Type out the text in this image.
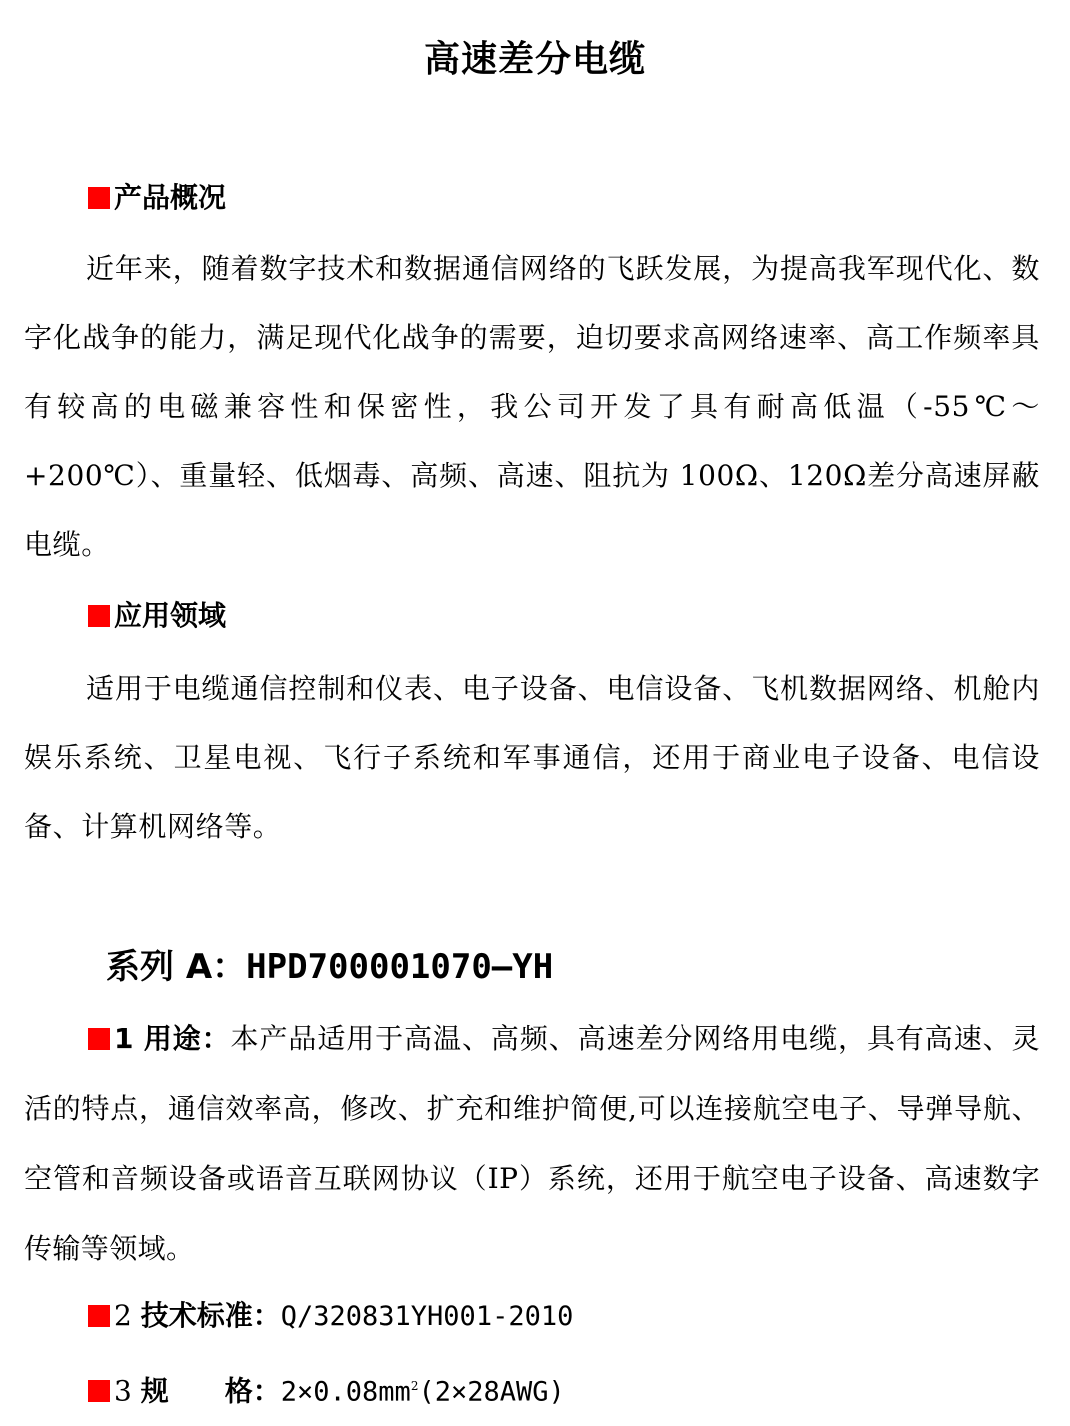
高速差分电缆
产品概况
近年来，随着数字技术和数据通信网络的飞跃发展，为提高我军现代化、数字化战争的能力，满足现代化战争的需要，迫切要求高网络速率、高工作频率具有较高的电磁兼容性和保密性，我公司开发了具有耐高低温（-55℃～+200℃）、重量轻、低烟毒、高频、高速、阻抗为 100Ω、120Ω差分高速屏蔽电缆。
应用领域
适用于电缆通信控制和仪表、电子设备、电信设备、飞机数据网络、机舱内娱乐系统、卫星电视、飞行子系统和军事通信，还用于商业电子设备、电信设备、计算机网络等。
系列 A：HPD700001070—YH
1 用途：本产品适用于高温、高频、高速差分网络用电缆，具有高速、灵活的特点，通信效率高，修改、扩充和维护简便,可以连接航空电子、导弹导航、空管和音频设备或语音互联网协议（IP）系统，还用于航空电子设备、高速数字传输等领域。
2 技术标准：Q/320831YH001-2010
3 规 格：$2\times 0.08mm^2(2\times 28AWG)$
